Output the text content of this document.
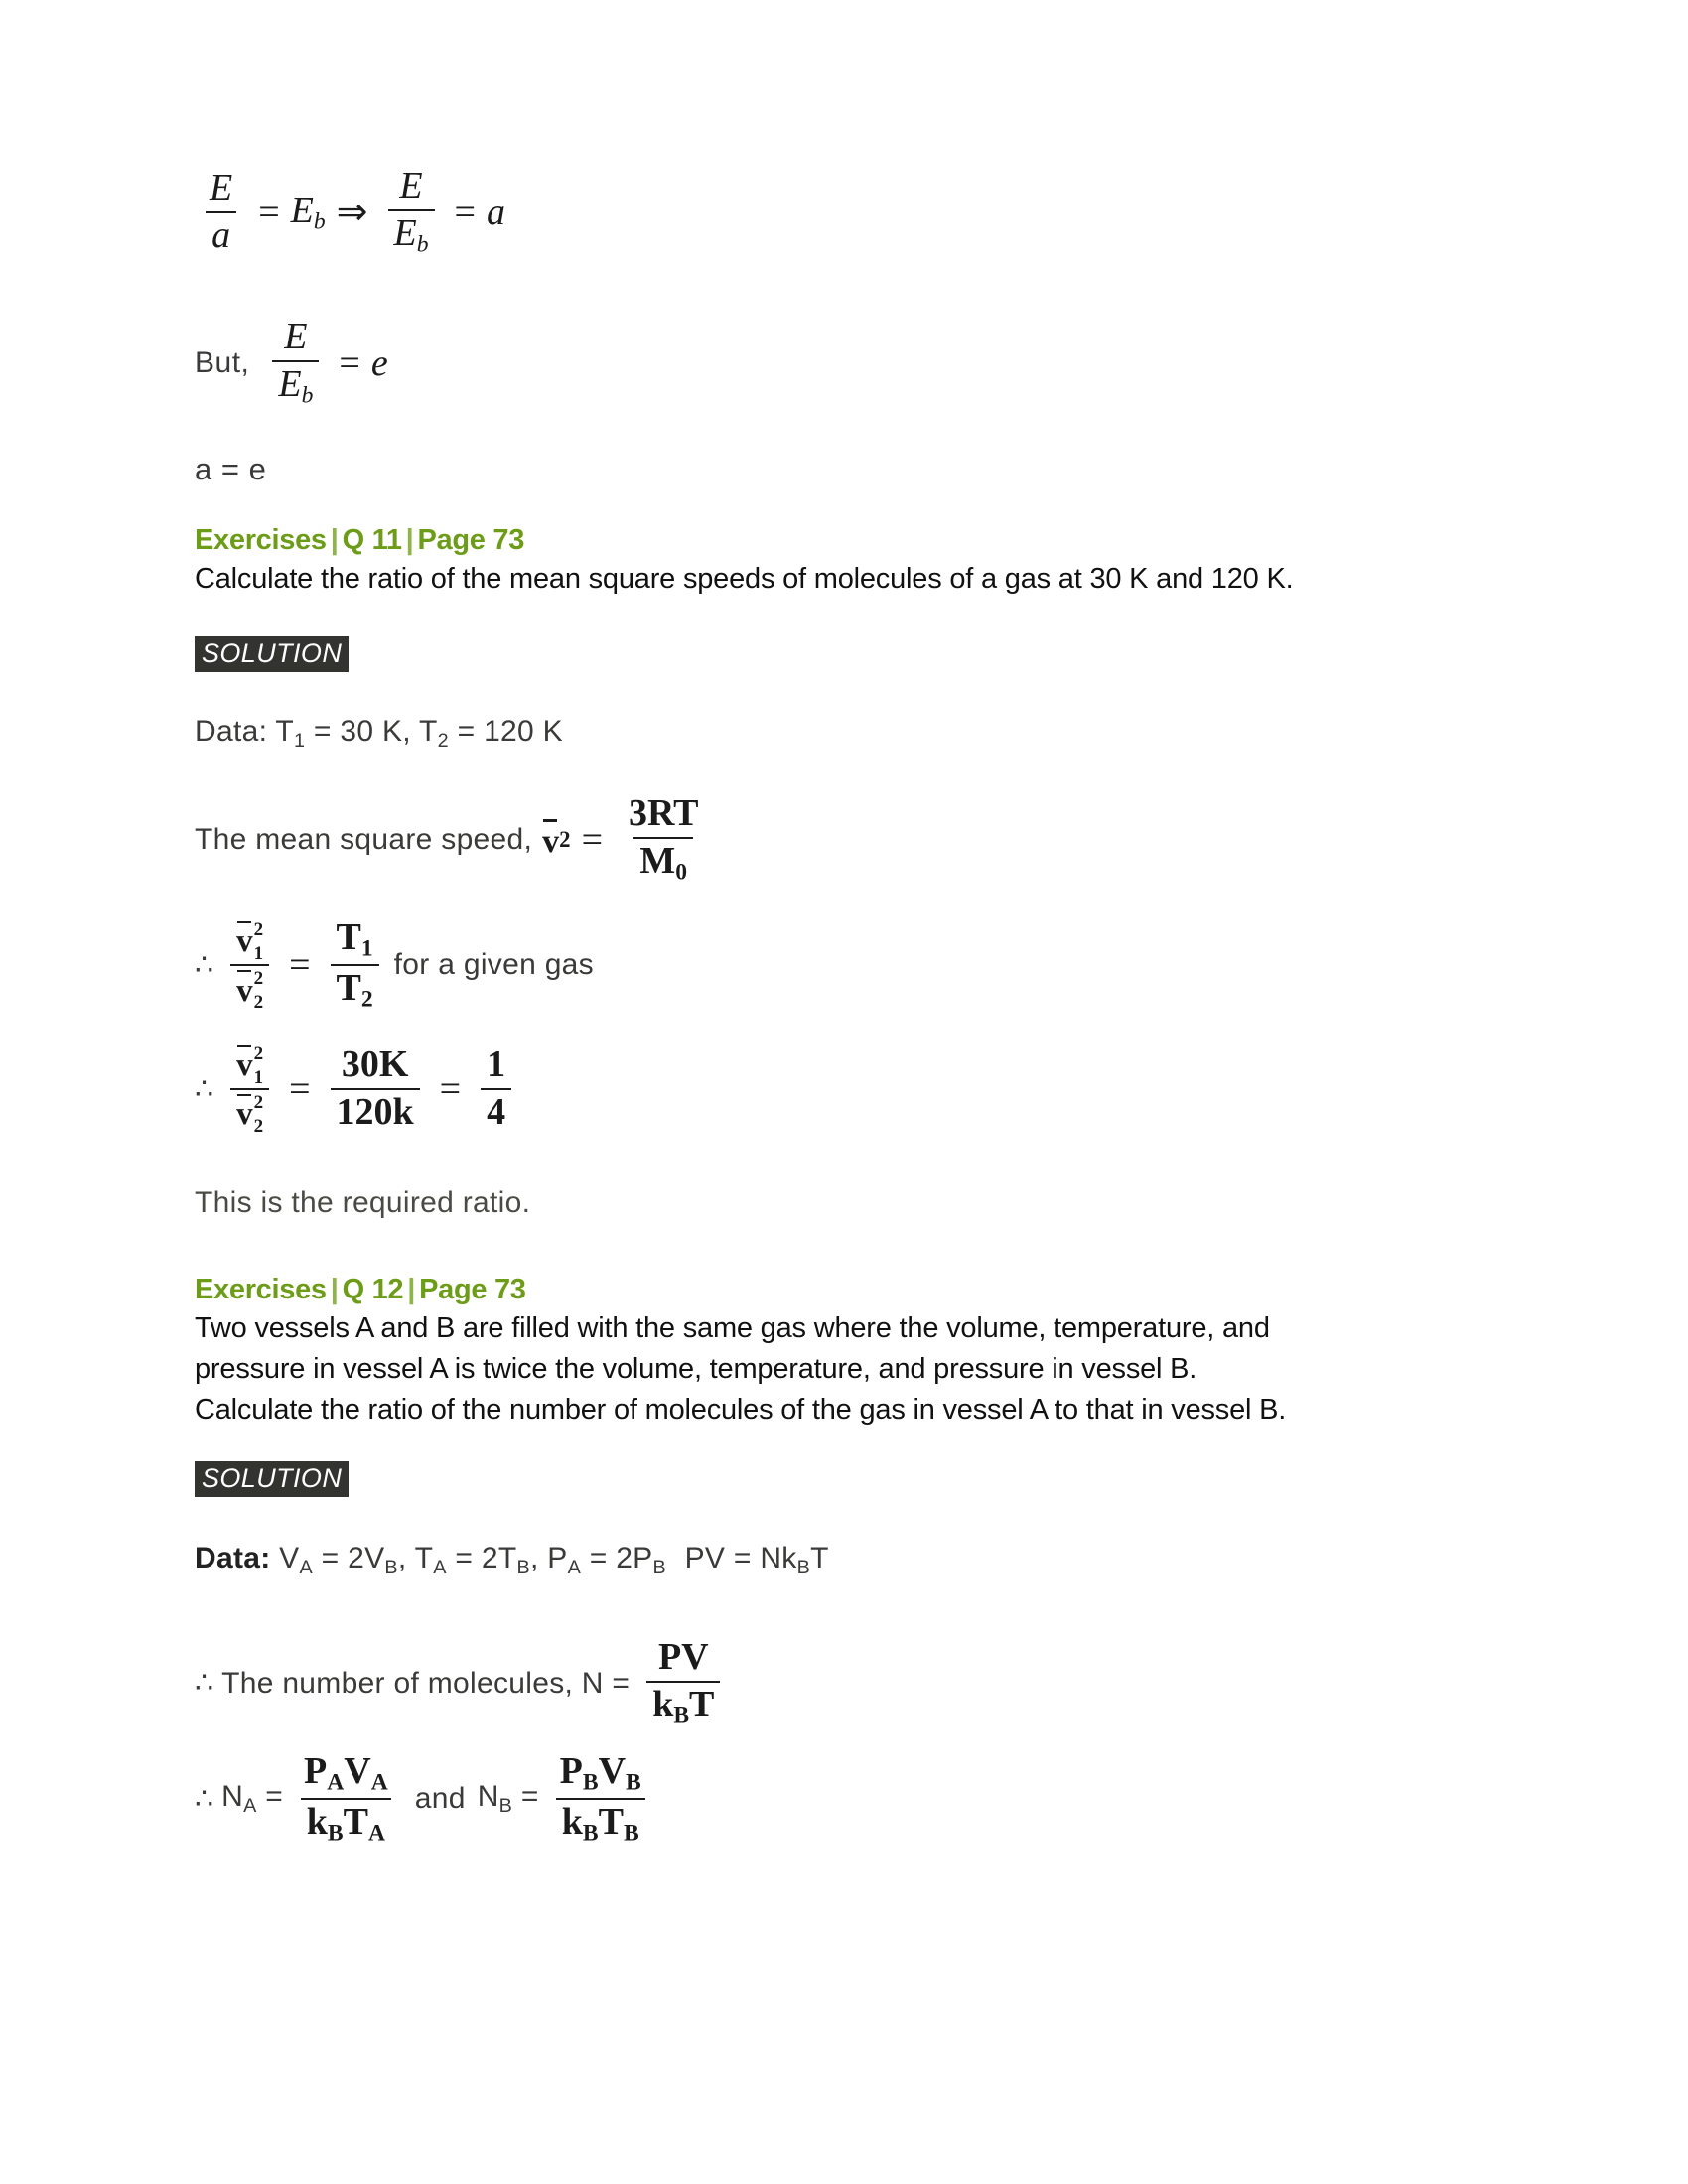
$\frac{E}{a} = E_b$ ⇒ $\frac{E}{E_b} = a$
But, $\frac{E}{E_b} = e$
a = e
Exercises | Q 11 | Page 73
Calculate the ratio of the mean square speeds of molecules of a gas at 30 K and 120 K.
SOLUTION
Data: $T_1 = 30$ K, $T_2 = 120$ K
The mean square speed, v $2 = \frac{3RT}{M_0}$
∴ v 2
1
v 2
$2 = \frac{T_1}{T_2}$ for a given gas
∴ v 2
1
v 2
$2 = \frac{30K}{120k} = \frac{1}{4}$
This is the required ratio.
Exercises | Q 12 | Page 73
Two vessels A and B are filled with the same gas where the volume, temperature, and
pressure in vessel A is twice the volume, temperature, and pressure in vessel B.
Calculate the ratio of the number of molecules of the gas in vessel A to that in vessel B.
SOLUTION
Data: $V_A = 2V_B$, $T_A = 2T_B$, $P_A = 2P_B$ PV = $Nk_BT$
∴ The number of molecules, $N = \frac{PV}{k_BT}$
∴ $N_A = \frac{P_AV_A}{k_BT_A}$ and $N_B = \frac{P_BV_B}{k_BT_B}$
